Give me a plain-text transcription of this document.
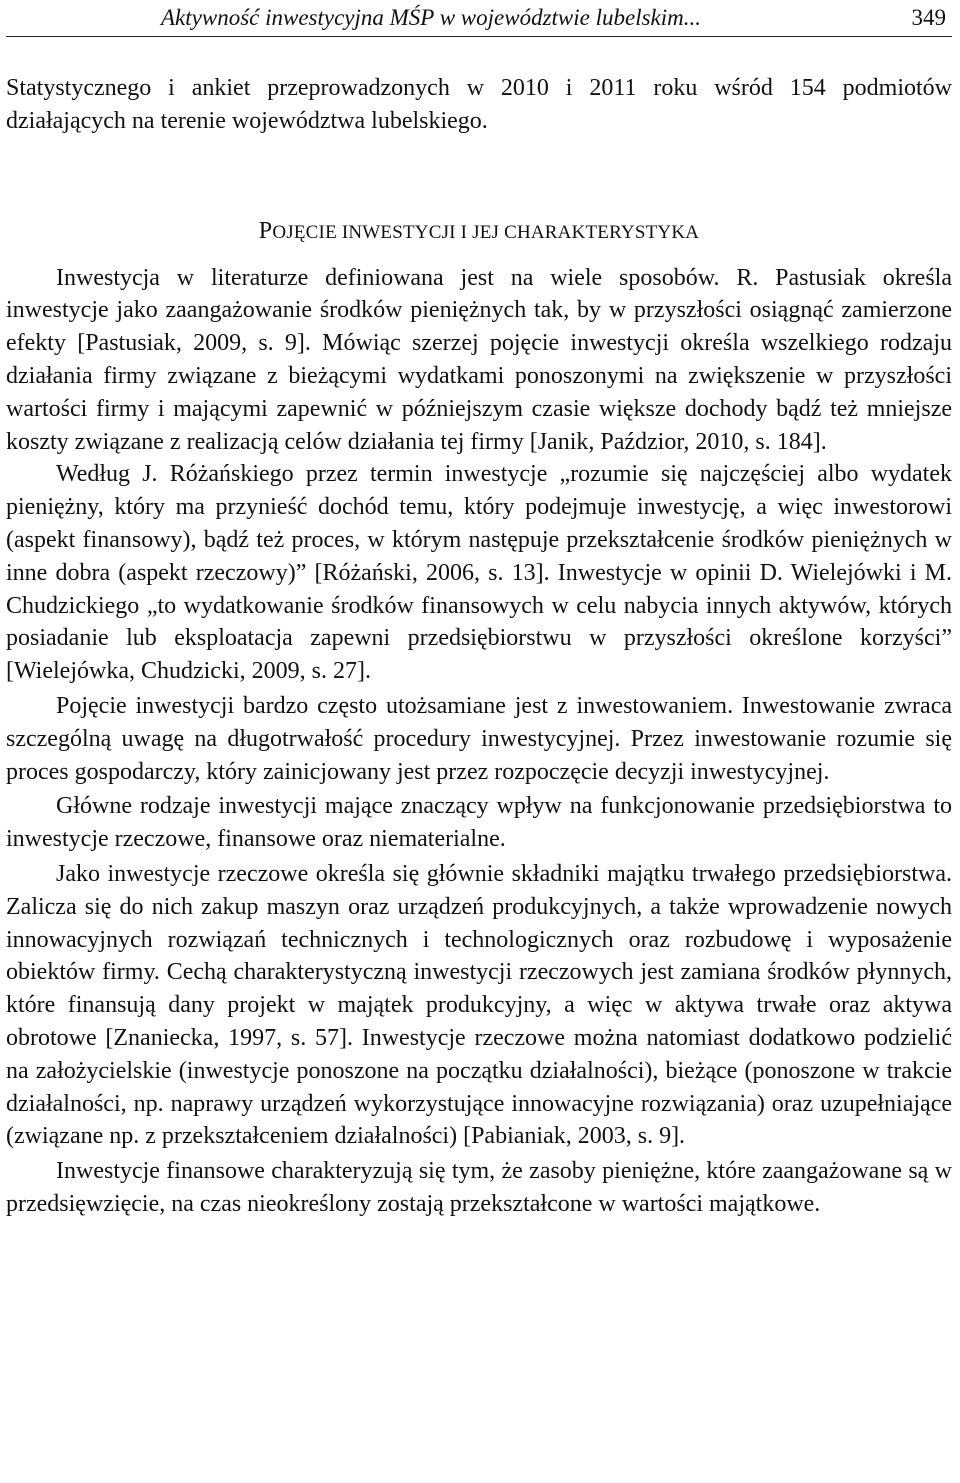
Aktywność inwestycyjna MŚP w województwie lubelskim...	349

Statystycznego i ankiet przeprowadzonych w 2010 i 2011 roku wśród 154 podmiotów działających na terenie województwa lubelskiego.

POJĘCIE INWESTYCJI I JEJ CHARAKTERYSTYKA

Inwestycja w literaturze definiowana jest na wiele sposobów. R. Pastusiak określa inwestycje jako zaangażowanie środków pieniężnych tak, by w przyszłości osiągnąć zamierzone efekty [Pastusiak, 2009, s. 9]. Mówiąc szerzej pojęcie inwestycji określa wszelkiego rodzaju działania firmy związane z bieżącymi wydatkami ponoszonymi na zwiększenie w przyszłości wartości firmy i mającymi zapewnić w późniejszym czasie większe dochody bądź też mniejsze koszty związane z realizacją celów działania tej firmy [Janik, Paździor, 2010, s. 184].

Według J. Różańskiego przez termin inwestycje „rozumie się najczęściej albo wydatek pieniężny, który ma przynieść dochód temu, który podejmuje inwestycję, a więc inwestorowi (aspekt finansowy), bądź też proces, w którym następuje przekształcenie środków pieniężnych w inne dobra (aspekt rzeczowy)” [Różański, 2006, s. 13]. Inwestycje w opinii D. Wielejówki i M. Chudzickiego „to wydatkowanie środków finansowych w celu nabycia innych aktywów, których posiadanie lub eksploatacja zapewni przedsiębiorstwu w przyszłości określone korzyści” [Wielejówka, Chudzicki, 2009, s. 27].

Pojęcie inwestycji bardzo często utożsamiane jest z inwestowaniem. Inwestowanie zwraca szczególną uwagę na długotrwałość procedury inwestycyjnej. Przez inwestowanie rozumie się proces gospodarczy, który zainicjowany jest przez rozpoczęcie decyzji inwestycyjnej.

Główne rodzaje inwestycji mające znaczący wpływ na funkcjonowanie przedsiębiorstwa to inwestycje rzeczowe, finansowe oraz niematerialne.

Jako inwestycje rzeczowe określa się głównie składniki majątku trwałego przedsiębiorstwa. Zalicza się do nich zakup maszyn oraz urządzeń produkcyjnych, a także wprowadzenie nowych innowacyjnych rozwiązań technicznych i technologicznych oraz rozbudowę i wyposażenie obiektów firmy. Cechą charakterystyczną inwestycji rzeczowych jest zamiana środków płynnych, które finansują dany projekt w majątek produkcyjny, a więc w aktywa trwałe oraz aktywa obrotowe [Znaniecka, 1997, s. 57]. Inwestycje rzeczowe można natomiast dodatkowo podzielić na założycielskie (inwestycje ponoszone na początku działalności), bieżące (ponoszone w trakcie działalności, np. naprawy urządzeń wykorzystujące innowacyjne rozwiązania) oraz uzupełniające (związane np. z przekształceniem działalności) [Pabianiak, 2003, s. 9].

Inwestycje finansowe charakteryzują się tym, że zasoby pieniężne, które zaangażowane są w przedsięwzięcie, na czas nieokreślony zostają przekształcone w wartości majątkowe.
